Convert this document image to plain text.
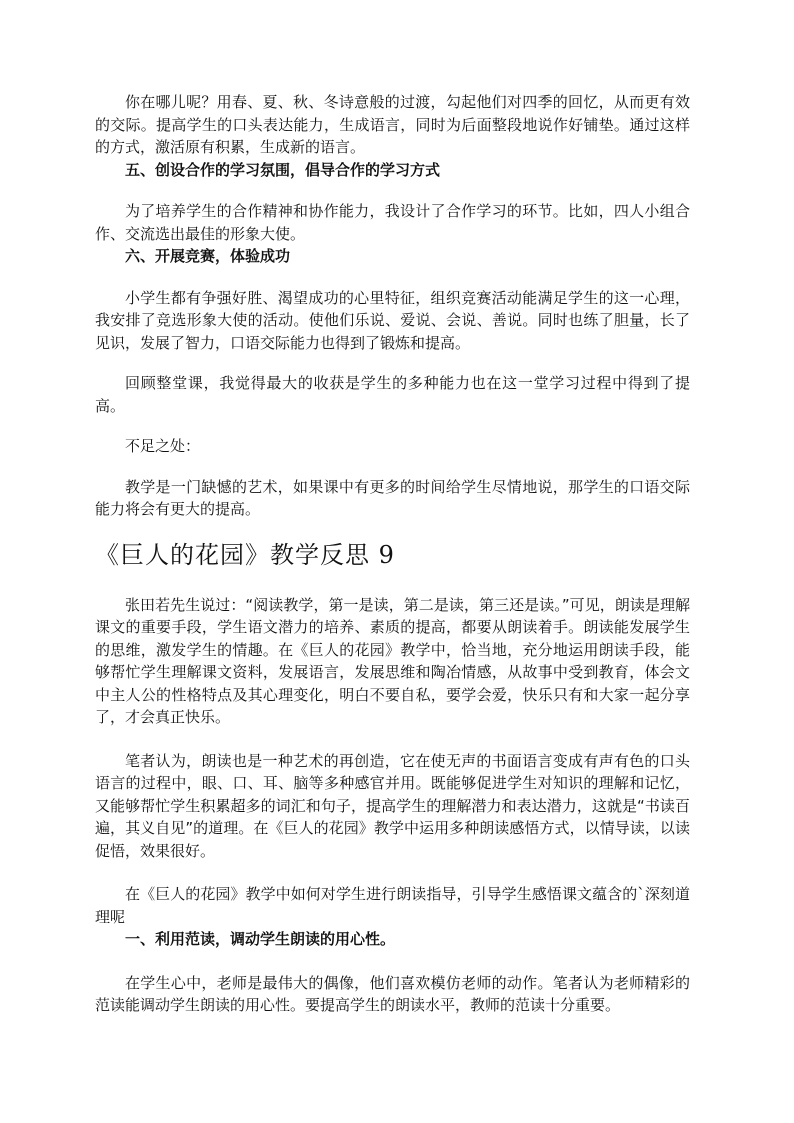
你在哪儿呢？用春、夏、秋、冬诗意般的过渡，勾起他们对四季的回忆，从而更有效的交际。提高学生的口头表达能力，生成语言，同时为后面整段地说作好铺垫。通过这样的方式，激活原有积累，生成新的语言。

五、创设合作的学习氛围，倡导合作的学习方式

为了培养学生的合作精神和协作能力，我设计了合作学习的环节。比如，四人小组合作、交流选出最佳的形象大使。

六、开展竞赛，体验成功

小学生都有争强好胜、渴望成功的心里特征，组织竞赛活动能满足学生的这一心理，我安排了竞选形象大使的活动。使他们乐说、爱说、会说、善说。同时也练了胆量，长了见识，发展了智力，口语交际能力也得到了锻炼和提高。

回顾整堂课，我觉得最大的收获是学生的多种能力也在这一堂学习过程中得到了提高。

不足之处：

教学是一门缺憾的艺术，如果课中有更多的时间给学生尽情地说，那学生的口语交际能力将会有更大的提高。

《巨人的花园》教学反思 9

张田若先生说过：“阅读教学，第一是读，第二是读，第三还是读。”可见，朗读是理解课文的重要手段，学生语文潜力的培养、素质的提高，都要从朗读着手。朗读能发展学生的思维，激发学生的情趣。在《巨人的花园》教学中，恰当地，充分地运用朗读手段，能够帮忙学生理解课文资料，发展语言，发展思维和陶冶情感，从故事中受到教育，体会文中主人公的性格特点及其心理变化，明白不要自私，要学会爱，快乐只有和大家一起分享了，才会真正快乐。

笔者认为，朗读也是一种艺术的再创造，它在使无声的书面语言变成有声有色的口头语言的过程中，眼、口、耳、脑等多种感官并用。既能够促进学生对知识的理解和记忆，又能够帮忙学生积累超多的词汇和句子，提高学生的理解潜力和表达潜力，这就是“书读百遍，其义自见”的道理。在《巨人的花园》教学中运用多种朗读感悟方式，以情导读，以读促悟，效果很好。

在《巨人的花园》教学中如何对学生进行朗读指导，引导学生感悟课文蕴含的`深刻道理呢

一、利用范读，调动学生朗读的用心性。

在学生心中，老师是最伟大的偶像，他们喜欢模仿老师的动作。笔者认为老师精彩的范读能调动学生朗读的用心性。要提高学生的朗读水平，教师的范读十分重要。
